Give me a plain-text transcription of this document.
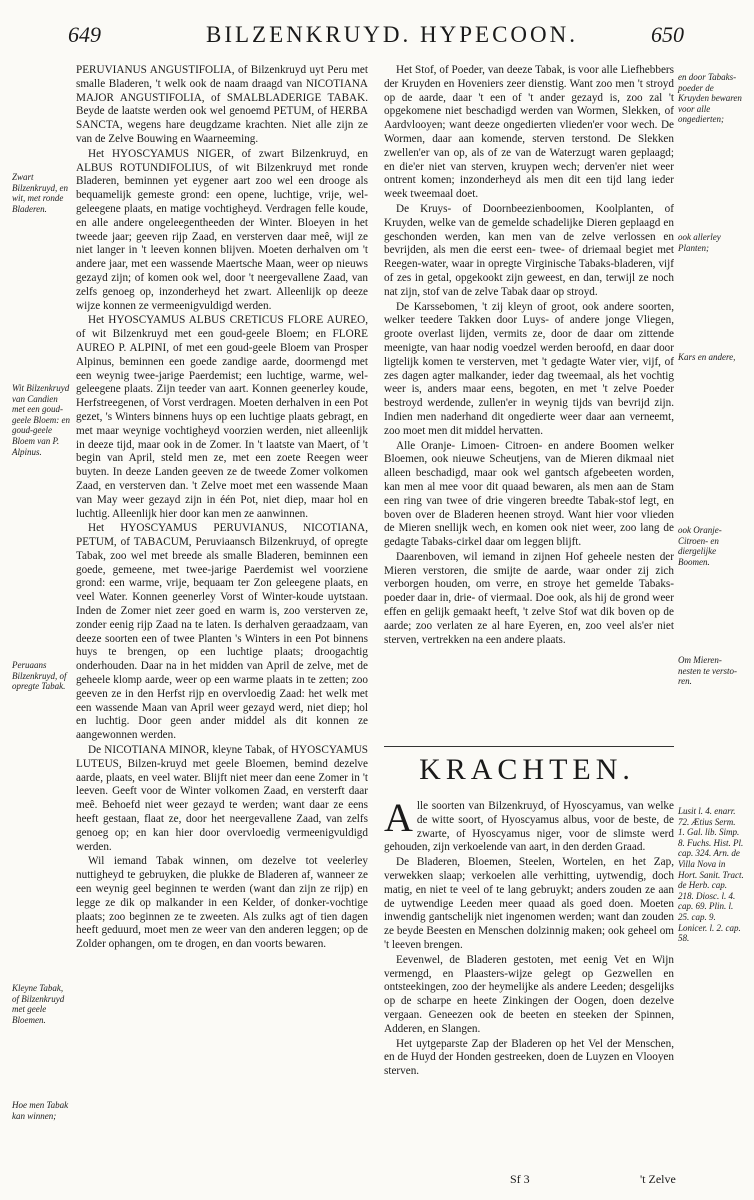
649	BILZENKRUYD. HYPECOON.	650
Zwart Bilzenkruyd, en wit, met ronde Bladeren.
Wit Bilzenkruyd van Candien met een goud-geele Bloem: en goud-geele Bloem van P. Alpinus.
Peruaans Bilzenkruyd, of opregte Tabak.
Kleyne Tabak, of Bilzenkruyd met geele Bloemen.
Hoe men Tabak kan winnen;

PERUVIANUS ANGUSTIFOLIA, of Bilzenkruyd uyt Peru met smalle Bladeren, 't welk ook de naam draagd van NICOTIANA MAJOR ANGUSTIFOLIA, of SMALBLADERIGE TABAK. Beyde de laatste werden ook wel genoemd PETUM, of HERBA SANCTA, wegens hare deugdzame krachten. Niet alle zijn ze van de Zelve Bouwing en Waarneeming.

Het HYOSCYAMUS NIGER, of zwart Bilzenkruyd, en ALBUS ROTUNDIFOLIUS, of wit Bilzenkruyd met ronde Bladeren, beminnen yet eygener aart zoo wel een drooge als bequamelijk gemeste grond: een opene, luchtige, vrije, wel-geleegene plaats, en matige vochtigheyd. Verdragen felle koude, en alle andere ongeleegentheeden der Winter. Bloeyen in het tweede jaar; geeven rijp Zaad, en versterven daar meê, wijl ze niet langer in 't leeven konnen blijven. Moeten derhalven om 't andere jaar, met een wassende Maertsche Maan, weer op nieuws gezayd zijn; of komen ook wel, door 't neergevallene Zaad, van zelfs genoeg op, inzonderheyd het zwart. Alleenlijk op deeze wijze konnen ze vermeenigvuldigd werden.

Het HYOSCYAMUS ALBUS CRETICUS FLORE AUREO, of wit Bilzenkruyd met een goud-geele Bloem; en FLORE AUREO P. ALPINI, of met een goud-geele Bloem van Prosper Alpinus, beminnen een goede zandige aarde, doormengd met een weynig twee-jarige Paerdemist; een luchtige, warme, wel-geleegene plaats. Zijn teeder van aart. Konnen geenerley koude, Herfstreegenen, of Vorst verdragen. Moeten derhalven in een Pot gezet, 's Winters binnens huys op een luchtige plaats gebragt, en met maar weynige vochtigheyd voorzien werden, niet alleenlijk in deeze tijd, maar ook in de Zomer. In 't laatste van Maert, of 't begin van April, steld men ze, met een zoete Reegen weer buyten. In deeze Landen geeven ze de tweede Zomer volkomen Zaad, en versterven dan. 't Zelve moet met een wassende Maan van May weer gezayd zijn in één Pot, niet diep, maar hol en luchtig. Alleenlijk hier door kan men ze aanwinnen.

Het HYOSCYAMUS PERUVIANUS, NICOTIANA, PETUM, of TABACUM, Peruviaansch Bilzenkruyd, of opregte Tabak, zoo wel met breede als smalle Bladeren, beminnen een goede, gemeene, met twee-jarige Paerdemist wel voorziene grond: een warme, vrije, bequaam ter Zon geleegene plaats, en veel Water. Konnen geenerley Vorst of Winter-koude uytstaan. Inden de Zomer niet zeer goed en warm is, zoo versterven ze, zonder eenig rijp Zaad na te laten. Is derhalven geraadzaam, van deeze soorten een of twee Planten 's Winters in een Pot binnens huys te brengen, op een luchtige plaats; droogachtig onderhouden. Daar na in het midden van April de zelve, met de geheele klomp aarde, weer op een warme plaats in te zetten; zoo geeven ze in den Herfst rijp en overvloedig Zaad: het welk met een wassende Maan van April weer gezayd werd, niet diep; hol en luchtig. Door geen ander middel als dit konnen ze aangewonnen werden.

De NICOTIANA MINOR, kleyne Tabak, of HYOSCYAMUS LUTEUS, Bilzen-kruyd met geele Bloemen, bemind dezelve aarde, plaats, en veel water. Blijft niet meer dan eene Zomer in 't leeven. Geeft voor de Winter volkomen Zaad, en versterft daar meê. Behoefd niet weer gezayd te werden; want daar ze eens heeft gestaan, flaat ze, door het neergevallene Zaad, van zelfs genoeg op; en kan hier door overvloedig vermeenigvuldigd werden.

Wil iemand Tabak winnen, om dezelve tot veelerley nuttigheyd te gebruyken, die plukke de Bladeren af, wanneer ze een weynig geel beginnen te werden (want dan zijn ze rijp) en legge ze dik op malkander in een Kelder, of donker-vochtige plaats; zoo beginnen ze te zweeten. Als zulks agt of tien dagen heeft geduurd, moet men ze weer van den anderen leggen; op de Zolder ophangen, om te drogen, en dan voorts bewaren.

Het Stof, of Poeder, van deeze Tabak, is voor alle Liefhebbers der Kruyden en Hoveniers zeer dienstig. Want zoo men 't stroyd op de aarde, daar 't een of 't ander gezayd is, zoo zal 't opgekomene niet beschadigd werden van Wormen, Slekken, of Aardvlooyen; want deeze ongedierten vlieden'er voor wech. De Wormen, daar aan komende, sterven terstond. De Slekken zwellen'er van op, als of ze van de Waterzugt waren geplaagd; en die'er niet van sterven, kruypen wech; derven'er niet weer ontrent komen; inzonderheyd als men dit een tijd lang ieder week tweemaal doet.

De Kruys- of Doornbeezienboomen, Koolplanten, of Kruyden, welke van de gemelde schadelijke Dieren geplaagd en geschonden werden, kan men van de zelve verlossen en bevrijden, als men die eerst een- twee- of driemaal begiet met Reegen-water, waar in opregte Virginische Tabaks-bladeren, vijf of zes in getal, opgekookt zijn geweest, en dan, terwijl ze noch nat zijn, stof van de zelve Tabak daar op stroyd.

De Karssebomen, 't zij kleyn of groot, ook andere soorten, welker teedere Takken door Luys- of andere jonge Vliegen, groote overlast lijden, vermits ze, door de daar om zittende meenigte, van haar nodig voedzel werden beroofd, en daar door ligtelijk komen te versterven, met 't gedagte Water vier, vijf, of zes dagen agter malkander, ieder dag tweemaal, als het vochtig weer is, anders maar eens, begoten, en met 't zelve Poeder bestroyd werdende, zullen'er in weynig tijds van bevrijd zijn. Indien men naderhand dit ongedierte weer daar aan verneemt, zoo moet men dit middel hervatten.

Alle Oranje- Limoen- Citroen- en andere Boomen welker Bloemen, ook nieuwe Scheutjens, van de Mieren dikmaal niet alleen beschadigd, maar ook wel gantsch afgebeeten worden, kan men al mee voor dit quaad bewaren, als men aan de Stam een ring van twee of drie vingeren breedte Tabak-stof legt, en boven over de Bladeren heenen stroyd. Want hier voor vlieden de Mieren snellijk wech, en komen ook niet weer, zoo lang de gedagte Tabaks-cirkel daar om leggen blijft.

Daarenboven, wil iemand in zijnen Hof geheele nesten der Mieren verstoren, die smijte de aarde, waar onder zij zich verborgen houden, om verre, en stroye het gemelde Tabaks-poeder daar in, drie- of viermaal. Doe ook, als hij de grond weer effen en gelijk gemaakt heeft, 't zelve Stof wat dik boven op de aarde; zoo verlaten ze al hare Eyeren, en, zoo veel als'er niet sterven, vertrekken na een andere plaats.

en door Tabaks-poeder de Kruyden bewaren voor alle ongedierten;
ook allerley Planten;
Kars en andere,
ook Oranje- Citroen- en diergelijke Boomen.
Om Mieren-nesten te versto-ren.
KRACHTEN.

Alle soorten van Bilzenkruyd, of Hyoscyamus, van welke de witte soort, of Hyoscyamus albus, voor de beste, de zwarte, of Hyoscyamus niger, voor de slimste werd gehouden, zijn verkoelende van aart, in den derden Graad.

De Bladeren, Bloemen, Steelen, Wortelen, en het Zap, verwekken slaap; verkoelen alle verhitting, uytwendig, doch matig, en niet te veel of te lang gebruykt; anders zouden ze aan de uytwendige Leeden meer quaad als goed doen. Moeten inwendig gantschelijk niet ingenomen werden; want dan zouden ze beyde Beesten en Menschen dolzinnig maken; ook geheel om 't leeven brengen.

Eevenwel, de Bladeren gestoten, met eenig Vet en Wijn vermengd, en Plaasters-wijze gelegt op Gezwellen en ontsteekingen, zoo der heymelijke als andere Leeden; desgelijks op de scharpe en heete Zinkingen der Oogen, doen dezelve vergaan. Geneezen ook de beeten en steeken der Spinnen, Adderen, en Slangen.

Het uytgeparste Zap der Bladeren op het Vel der Menschen, en de Huyd der Honden gestreeken, doen de Luyzen en Vlooyen sterven.

Lusit l. 4. enarr. 72. Ætius Serm. 1. Gal. lib. Simp. 8. Fuchs. Hist. Pl. cap. 324. Arn. de Villa Nova in Hort. Sanit. Tract. de Herb. cap. 218. Diosc. l. 4. cap. 69. Plin. l. 25. cap. 9. Lonicer. l. 2. cap. 58.
Sf 3	't Zelve
